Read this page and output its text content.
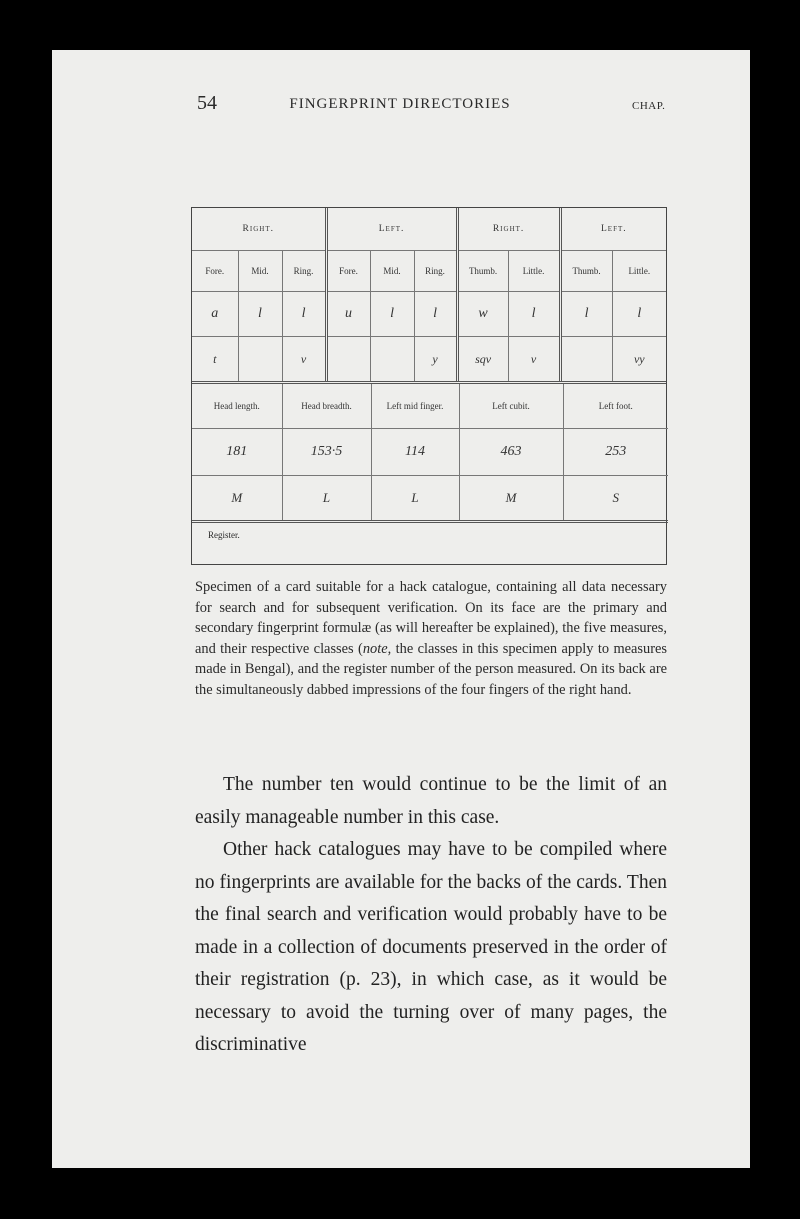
54	FINGERPRINT DIRECTORIES	CHAP.
Right.			Left.			Right.		Left.	
Fore.	Mid.	Ring.	Fore.	Mid.	Ring.	Thumb.	Little.	Thumb.	Little.
a	l	l	u	l	l	w	l	l	l
t		v			y	sqv	v		vy
Head length.	Head breadth.	Left mid finger.	Left cubit.	Left foot.
181	153·5	114	463	253
M	L	L	M	S
Register.
Specimen of a card suitable for a hack catalogue, containing all data necessary for search and for subsequent verification. On its face are the primary and secondary fingerprint formulæ (as will hereafter be explained), the five measures, and their respective classes (note, the classes in this specimen apply to measures made in Bengal), and the register number of the person measured. On its back are the simultaneously dabbed impressions of the four fingers of the right hand.

The number ten would continue to be the limit of an easily manageable number in this case.

Other hack catalogues may have to be compiled where no fingerprints are available for the backs of the cards. Then the final search and verification would probably have to be made in a collection of documents preserved in the order of their registration (p. 23), in which case, as it would be necessary to avoid the turning over of many pages, the discriminative
